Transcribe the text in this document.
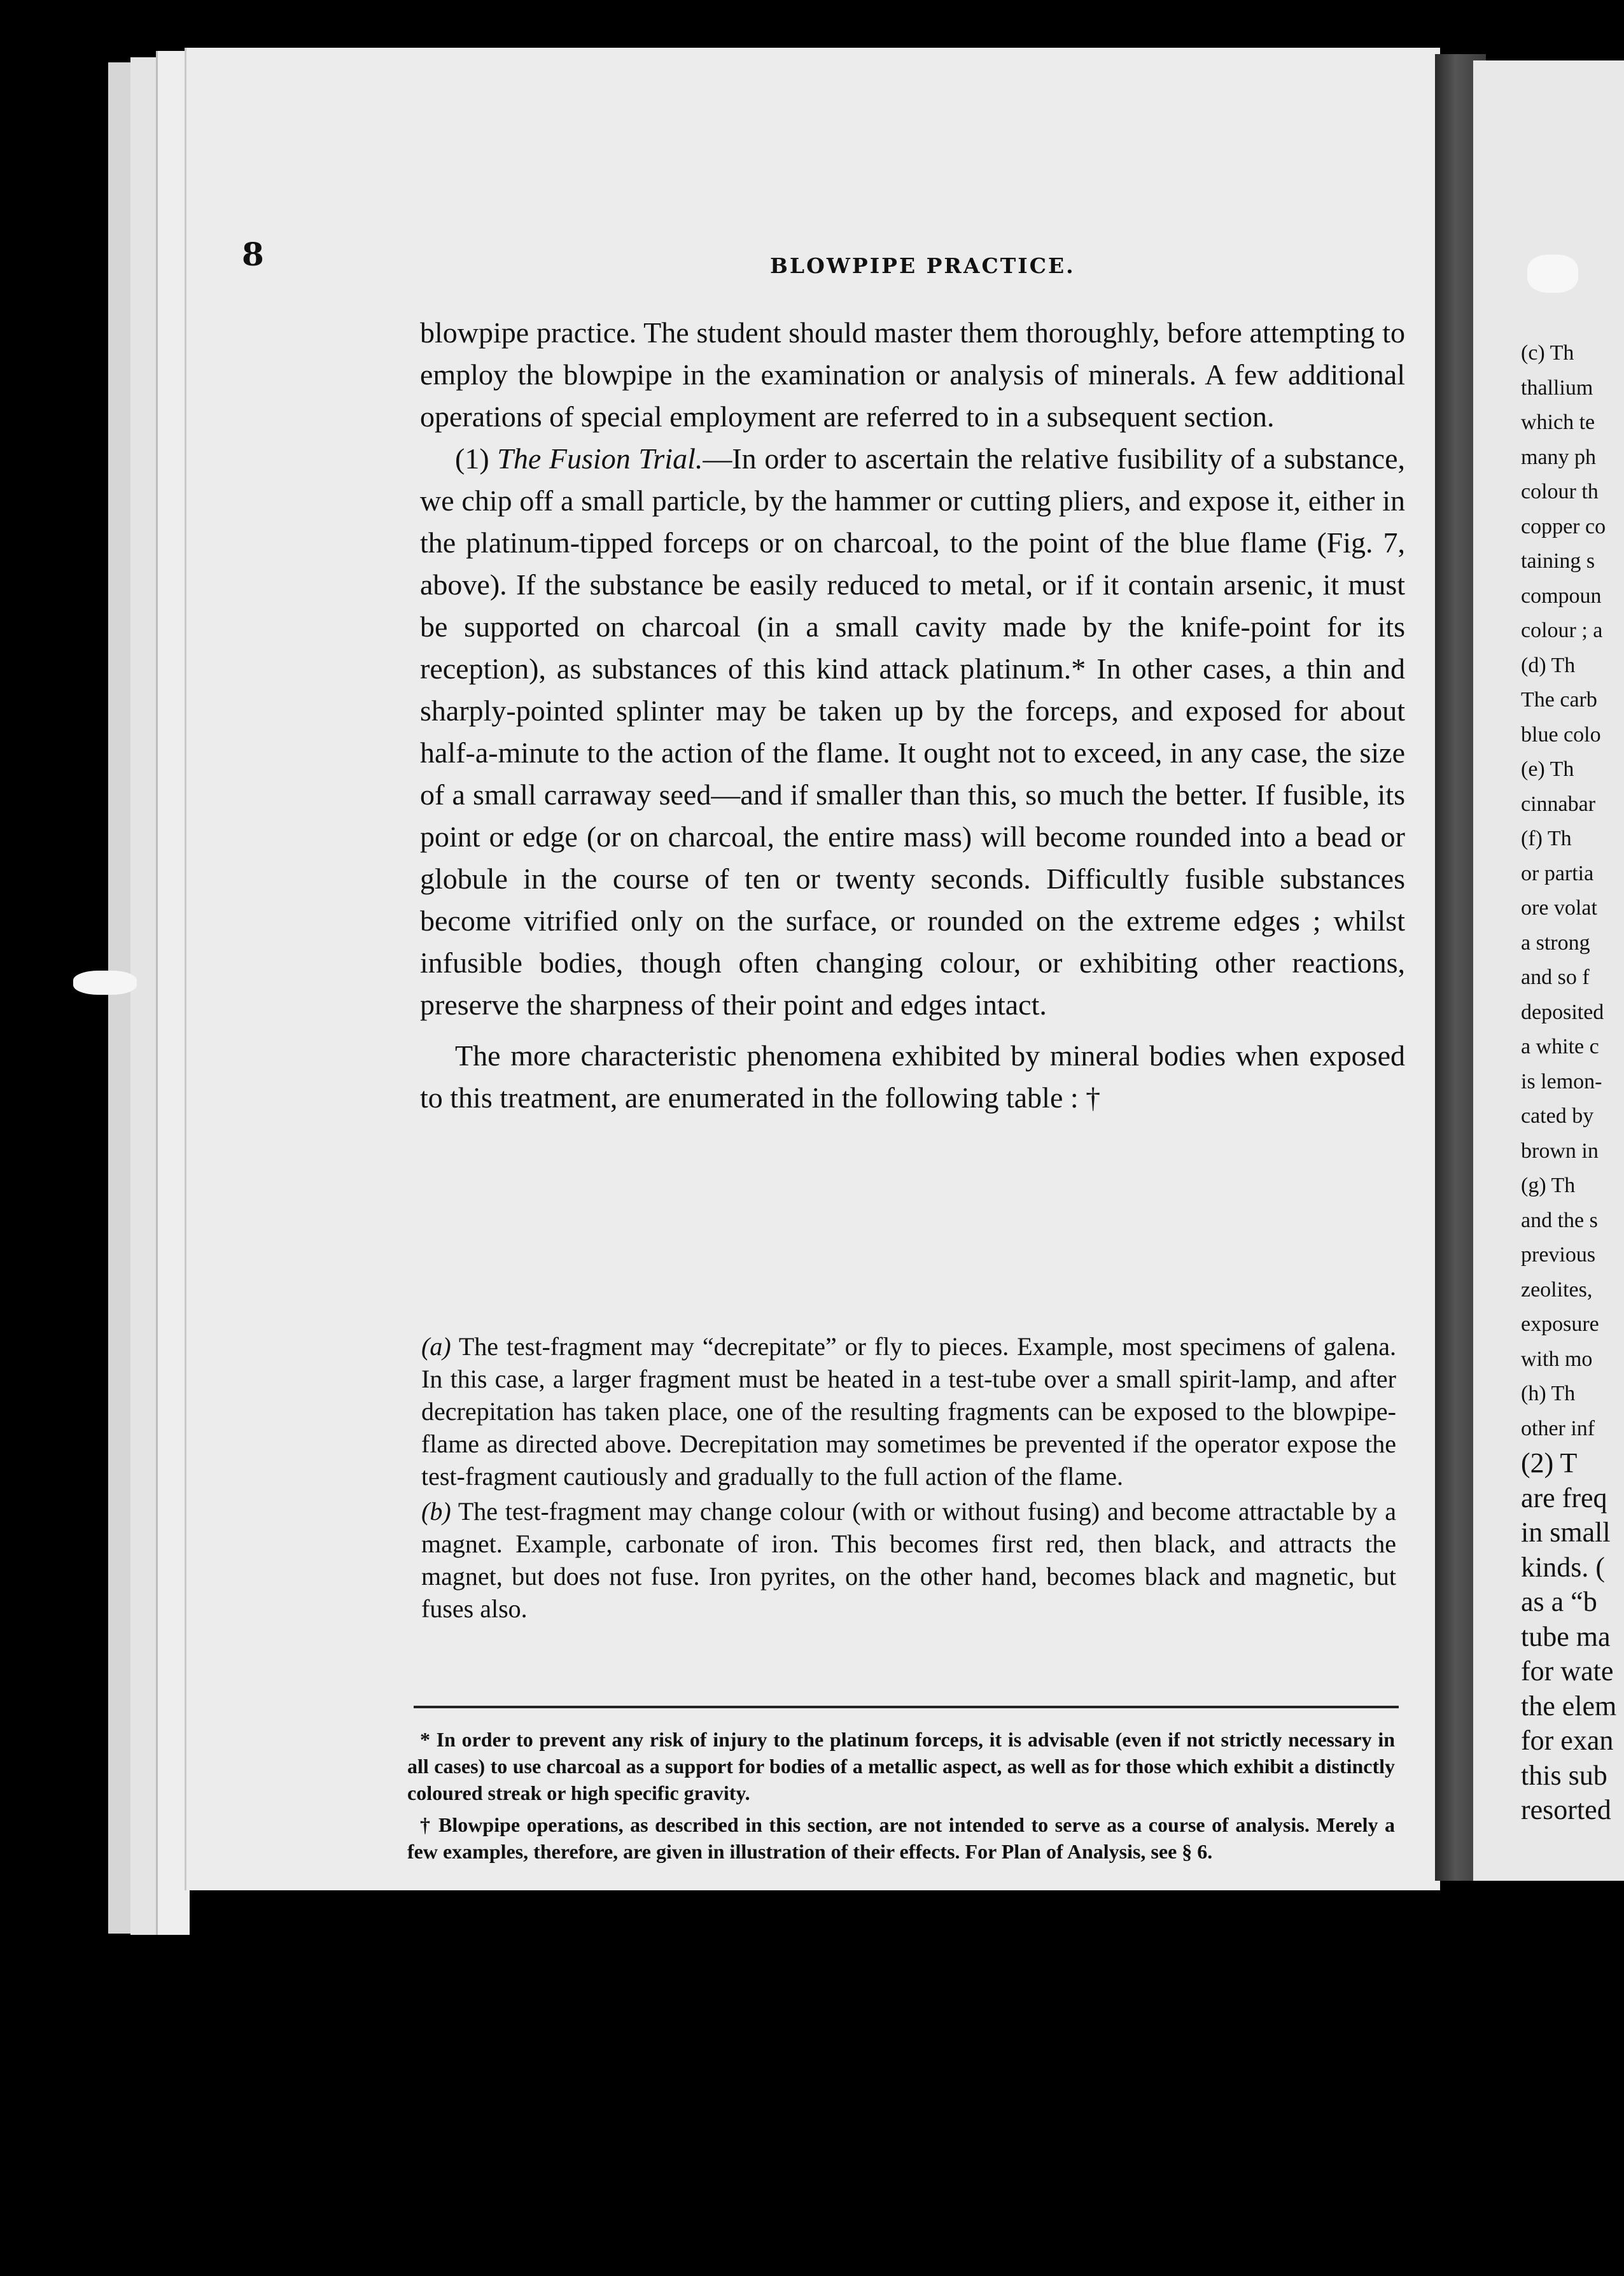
8	BLOWPIPE PRACTICE.

blowpipe practice. The student should master them thoroughly, before attempting to employ the blowpipe in the examination or analysis of minerals. A few additional operations of special employment are referred to in a subsequent section.

(1) The Fusion Trial.—In order to ascertain the relative fusibility of a substance, we chip off a small particle, by the hammer or cutting pliers, and expose it, either in the platinum-tipped forceps or on charcoal, to the point of the blue flame (Fig. 7, above). If the substance be easily reduced to metal, or if it contain arsenic, it must be supported on charcoal (in a small cavity made by the knife-point for its reception), as substances of this kind attack platinum.* In other cases, a thin and sharply-pointed splinter may be taken up by the forceps, and exposed for about half-a-minute to the action of the flame. It ought not to exceed, in any case, the size of a small carraway seed—and if smaller than this, so much the better. If fusible, its point or edge (or on charcoal, the entire mass) will become rounded into a bead or globule in the course of ten or twenty seconds. Difficultly fusible substances become vitrified only on the surface, or rounded on the extreme edges ; whilst infusible bodies, though often changing colour, or exhibiting other reactions, preserve the sharpness of their point and edges intact.

The more characteristic phenomena exhibited by mineral bodies when exposed to this treatment, are enumerated in the following table : †

(a) The test-fragment may “decrepitate” or fly to pieces. Example, most specimens of galena. In this case, a larger fragment must be heated in a test-tube over a small spirit-lamp, and after decrepitation has taken place, one of the resulting fragments can be exposed to the blowpipe-flame as directed above. Decrepitation may sometimes be prevented if the operator expose the test-fragment cautiously and gradually to the full action of the flame.

(b) The test-fragment may change colour (with or without fusing) and become attractable by a magnet. Example, carbonate of iron. This becomes first red, then black, and attracts the magnet, but does not fuse. Iron pyrites, on the other hand, becomes black and magnetic, but fuses also.

* In order to prevent any risk of injury to the platinum forceps, it is advisable (even if not strictly necessary in all cases) to use charcoal as a support for bodies of a metallic aspect, as well as for those which exhibit a distinctly coloured streak or high specific gravity.

† Blowpipe operations, as described in this section, are not intended to serve as a course of analysis. Merely a few examples, therefore, are given in illustration of their effects. For Plan of Analysis, see § 6.

(c) Th
thallium
which te
many ph
colour th
copper co
taining s
compoun
colour ; a
(d) Th
The carb
blue colo
(e) Th
cinnabar
(f) Th
or partia
ore volat
a strong
and so f
deposited
a white c
is lemon-
cated by
brown in
(g) Th
and the s
previous
zeolites,
exposure
with mo
(h) Th
other inf
(2) T
are freq
in small
kinds. (
as a “b
tube ma
for wate
the elem
for exan
this sub
resorted
